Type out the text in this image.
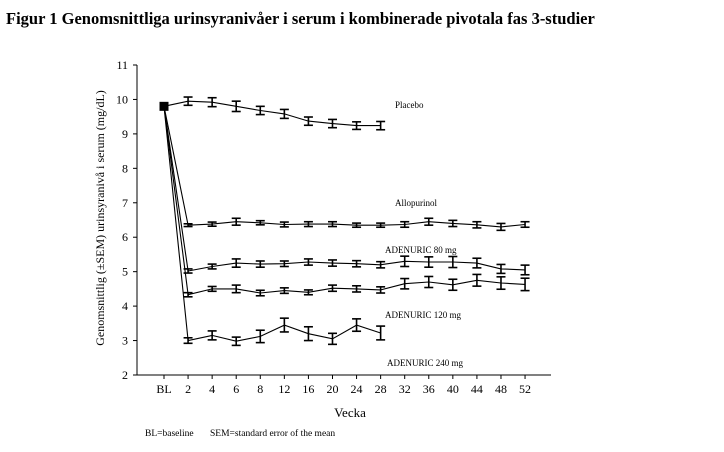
Figur 1 Genomsnittliga urinsyranivåer i serum i kombinerade pivotala fas 3-studier
2
3
4
5
6
7
8
9
10
11
BL 2 4 6 8 12 16 20 24 28 32 36 40 44 48 52
Placebo
Allopurinol
ADENURIC 80 mg
ADENURIC 120 mg
ADENURIC 240 mg
Vecka
Genomsnittlig (±SEM) urinsyranivå i serum (mg/dL)
BL=baseline SEM=standard error of the mean
